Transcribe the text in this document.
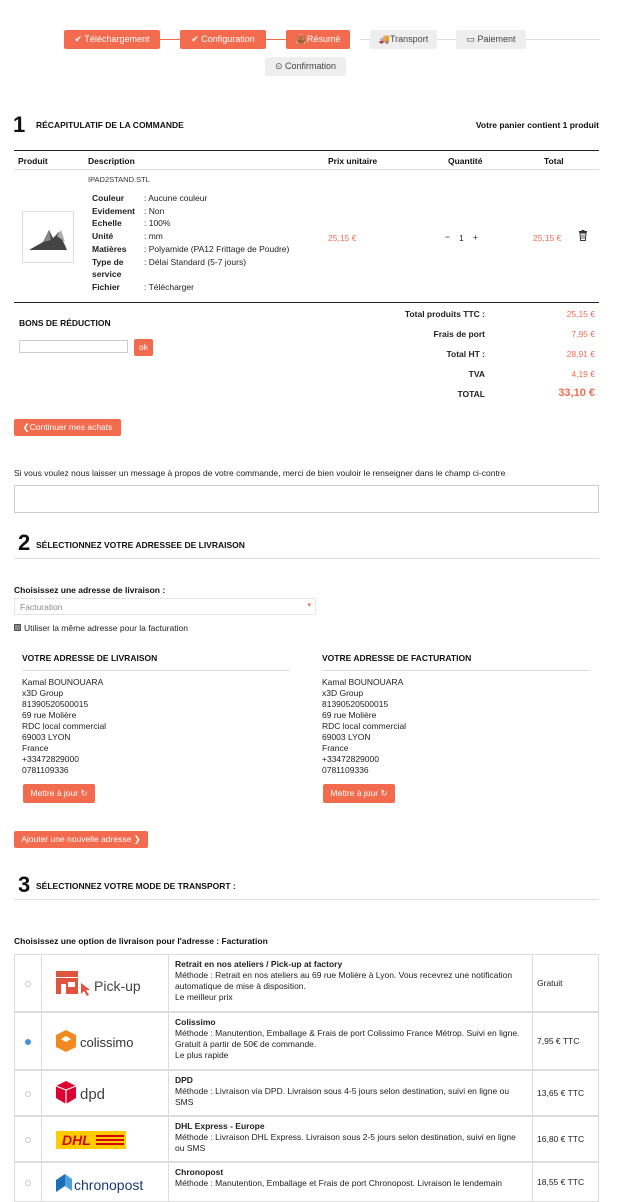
✔ Téléchargement	✔ Configuration	👜Résumé	🚚Transport	▭ Paiement
⊙ Confirmation
1 RÉCAPITULATIF DE LA COMMANDE	Votre panier contient 1 produit
Produit	Description	Prix unitaire	Quantité	Total
IPAD2STAND.STL
Couleur	: Aucune couleur
Evidement	: Non
Echelle	: 100%
Unité	: mm
Matières	: Polyamide (PA12 Frittage de Poudre)
Type de service
: Délai Standard (5-7 jours)
Fichier	: Télécharger
25,15 €	− 1 +	25,15 €
BONS DE RÉDUCTION
ok
Total produits TTC :	25,15 €
Frais de port	7,95 €
Total HT :	28,91 €
TVA	4,19 €
TOTAL	33,10 €
❮Continuer mes achats
Si vous voulez nous laisser un message à propos de votre commande, merci de bien vouloir le renseigner dans le champ ci-contre
2 SÉLECTIONNEZ VOTRE ADRESSEE DE LIVRAISON
Choisissez une adresse de livraison :
Facturation	▾
Utiliser la même adresse pour la facturation
VOTRE ADRESSE DE LIVRAISON
Kamal BOUNOUARA
x3D Group
81390520500015
69 rue Molière
RDC local commercial
69003 LYON
France
+33472829000
0781109336
Mettre à jour ↻
VOTRE ADRESSE DE FACTURATION
Kamal BOUNOUARA
x3D Group
81390520500015
69 rue Molière
RDC local commercial
69003 LYON
France
+33472829000
0781109336
Mettre à jour ↻
Ajouter une nouvelle adresse ❯
3 SÉLECTIONNEZ VOTRE MODE DE TRANSPORT :
Choisissez une option de livraison pour l'adresse : Facturation
Pick-up
Retrait en nos ateliers / Pick-up at factory
Méthode : Retrait en nos ateliers au 69 rue Molière à Lyon. Vous recevrez une notification automatique de mise à disposition.
Le meilleur prix
Gratuit
colissimo
Colissimo
Méthode : Manutention, Emballage & Frais de port Colissimo France Métrop. Suivi en ligne. Gratuit à partir de 50€ de commande.
Le plus rapide
7,95 € TTC
dpd
DPD
Méthode : Livraison via DPD. Livraison sous 4-5 jours selon destination, suivi en ligne ou SMS
13,65 € TTC
DHL
DHL Express - Europe
Méthode : Livraison DHL Express. Livraison sous 2-5 jours selon destination, suivi en ligne ou SMS
16,80 € TTC
chronopost
Chronopost
Méthode : Manutention, Emballage et Frais de port Chronopost. Livraison le lendemain	18,55 € TTC
